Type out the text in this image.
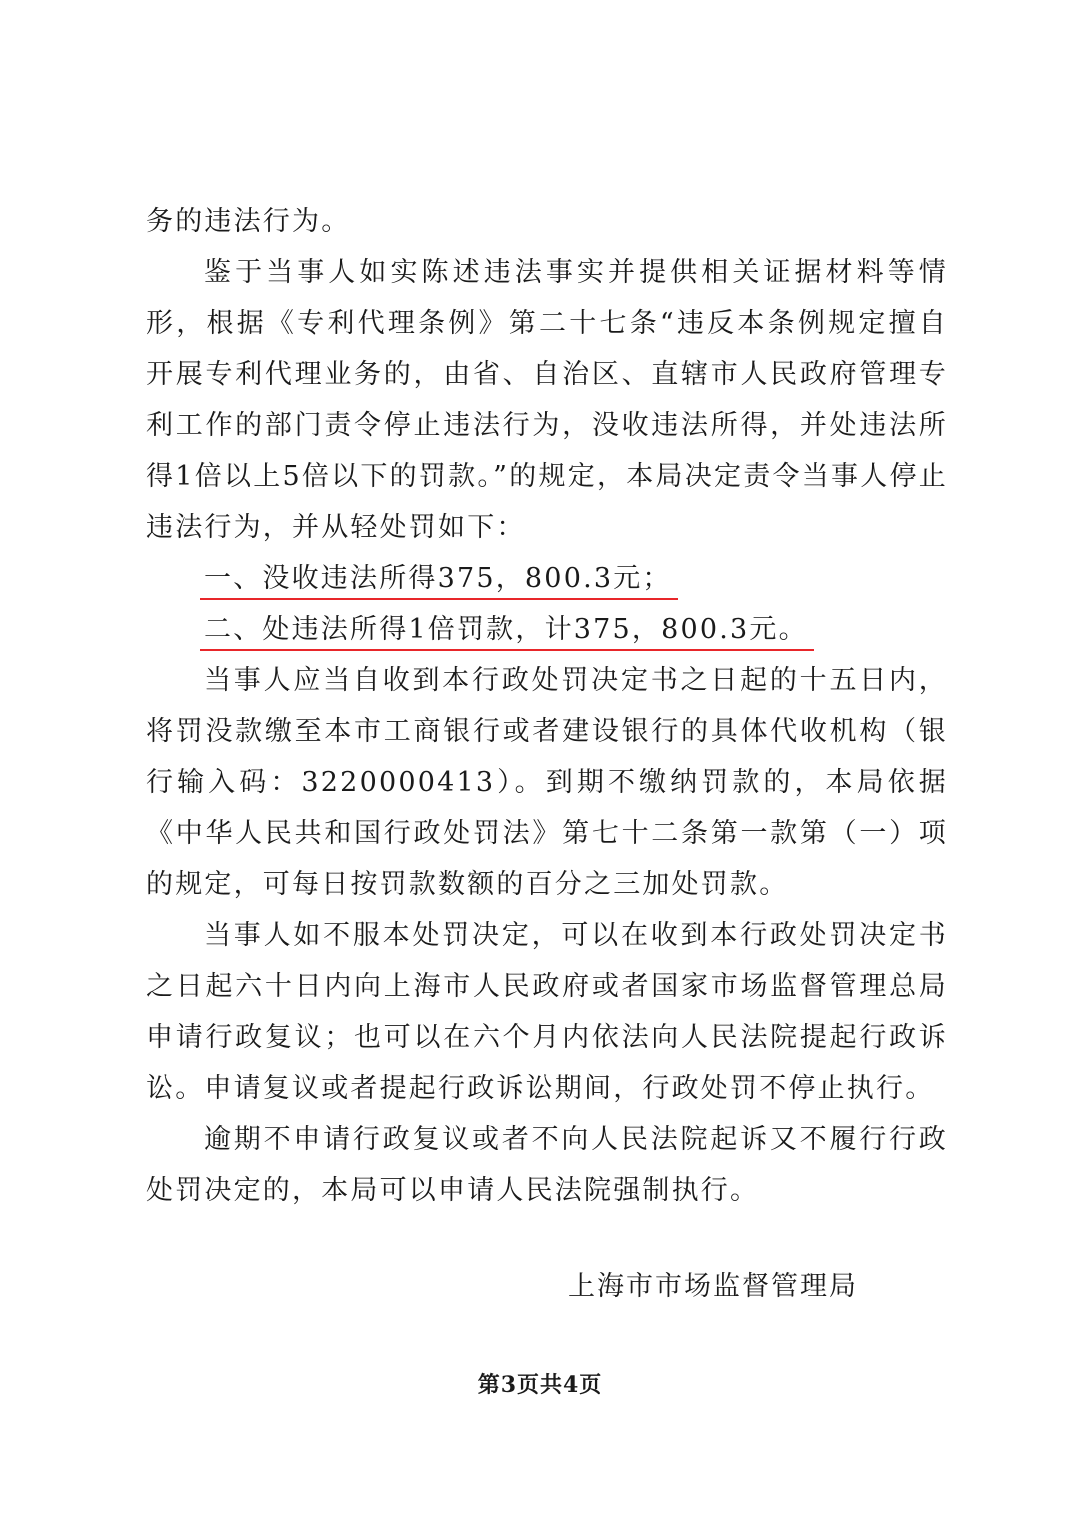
务的违法行为。

鉴于当事人如实陈述违法事实并提供相关证据材料等情形，根据《专利代理条例》第二十七条“违反本条例规定擅自开展专利代理业务的，由省、自治区、直辖市人民政府管理专利工作的部门责令停止违法行为，没收违法所得，并处违法所得1倍以上5倍以下的罚款。”的规定，本局决定责令当事人停止违法行为，并从轻处罚如下：

一、没收违法所得375，800.3元；

二、处违法所得1倍罚款，计375，800.3元。

当事人应当自收到本行政处罚决定书之日起的十五日内，将罚没款缴至本市工商银行或者建设银行的具体代收机构（银行输入码：3220000413）。到期不缴纳罚款的，本局依据《中华人民共和国行政处罚法》第七十二条第一款第（一）项的规定，可每日按罚款数额的百分之三加处罚款。

当事人如不服本处罚决定，可以在收到本行政处罚决定书之日起六十日内向上海市人民政府或者国家市场监督管理总局申请行政复议；也可以在六个月内依法向人民法院提起行政诉讼。申请复议或者提起行政诉讼期间，行政处罚不停止执行。

逾期不申请行政复议或者不向人民法院起诉又不履行行政处罚决定的，本局可以申请人民法院强制执行。

上海市市场监督管理局
第3页共4页
